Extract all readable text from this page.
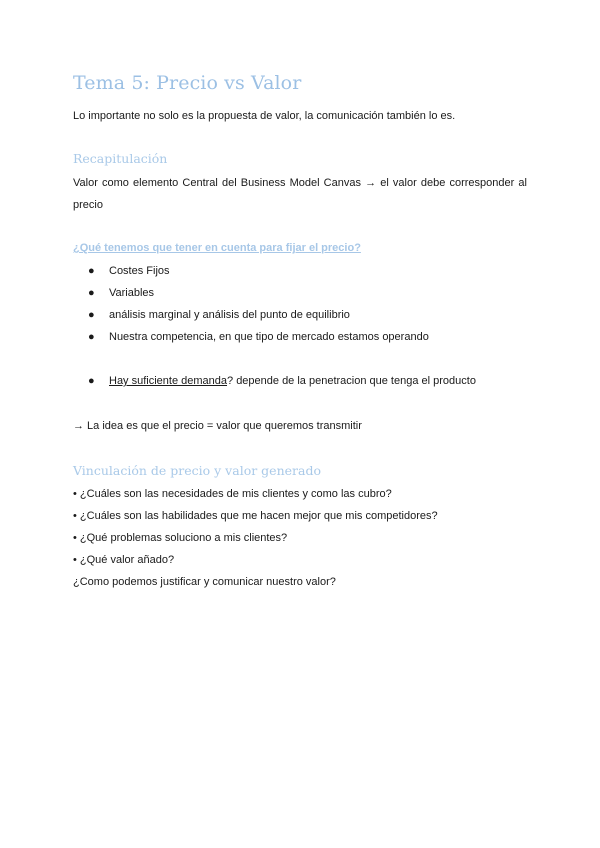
Tema 5: Precio vs Valor

Lo importante no solo es la propuesta de valor, la comunicación también lo es.

Recapitulación

Valor como elemento Central del Business Model Canvas → el valor debe corresponder al precio

¿Qué tenemos que tener en cuenta para fijar el precio?
● Costes Fijos
● Variables
● análisis marginal y análisis del punto de equilibrio
● Nuestra competencia, en que tipo de mercado estamos operando
● Hay suficiente demanda? depende de la penetracion que tenga el producto

→ La idea es que el precio = valor que queremos transmitir

Vinculación de precio y valor generado
• ¿Cuáles son las necesidades de mis clientes y como las cubro?
• ¿Cuáles son las habilidades que me hacen mejor que mis competidores?
• ¿Qué problemas soluciono a mis clientes?
• ¿Qué valor añado?
¿Como podemos justificar y comunicar nuestro valor?
